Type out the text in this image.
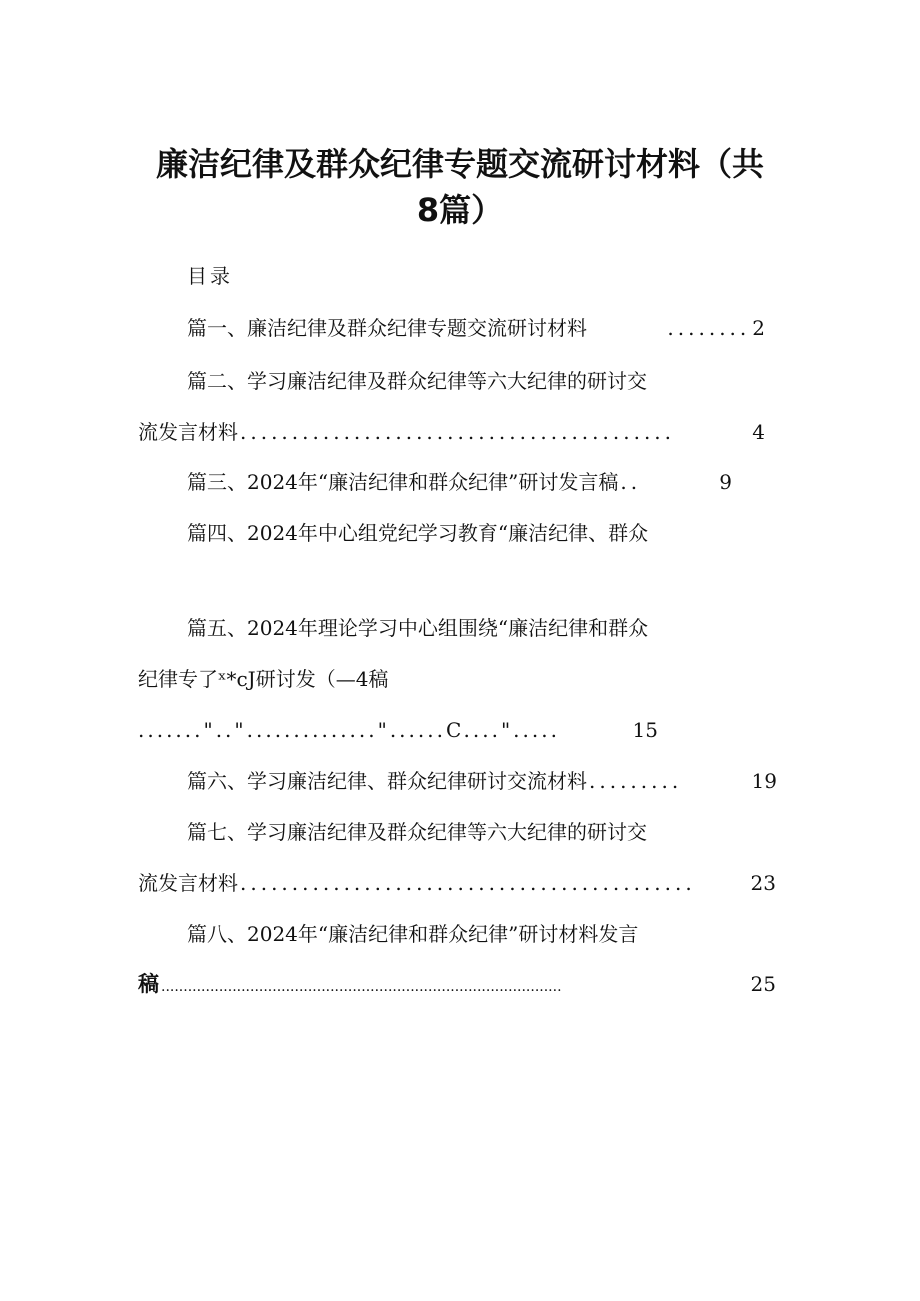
廉洁纪律及群众纪律专题交流研讨材料（共
8篇）
目录
篇一、廉洁纪律及群众纪律专题交流研讨材料	........ 2
篇二、学习廉洁纪律及群众纪律等六大纪律的研讨交
流发言材料 ..........................................	4
篇三、2024年“廉洁纪律和群众纪律”研讨发言稿 ..	9
篇四、2024年中心组党纪学习教育“廉洁纪律、群众
篇五、2024年理论学习中心组围绕“廉洁纪律和群众
纪律专了ˣ*cJ研讨发（—4稿
......."..".............."......C....".....	15
篇六、学习廉洁纪律、群众纪律研讨交流材料 .........	19
篇七、学习廉洁纪律及群众纪律等六大纪律的研讨交
流发言材料 ............................................	23
篇八、2024年“廉洁纪律和群众纪律”研讨材料发言
稿 ..........................................................................................	25
